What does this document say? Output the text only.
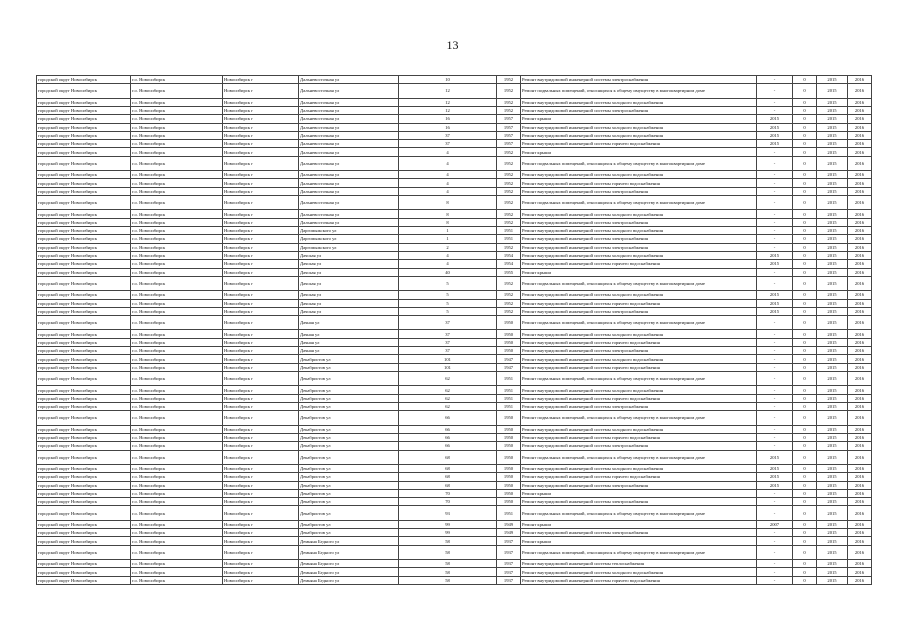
13
городской округ Новосибирск	г.о. Новосибирск	Новосибирск г	Дальневосточная ул	10	1952	Ремонт внутридомовой инженерной системы электроснабжения	-	0	2015	2016
городской округ Новосибирск	г.о. Новосибирск	Новосибирск г	Дальневосточная ул	12	1952	Ремонт подвальных помещений, относящихся к общему имуществу в многоквартирном доме	-	0	2015	2016
городской округ Новосибирск	г.о. Новосибирск	Новосибирск г	Дальневосточная ул	12	1952	Ремонт внутридомовой инженерной системы холодного водоснабжения	-	0	2015	2016
городской округ Новосибирск	г.о. Новосибирск	Новосибирск г	Дальневосточная ул	12	1952	Ремонт внутридомовой инженерной системы электроснабжения	-	0	2015	2016
городской округ Новосибирск	г.о. Новосибирск	Новосибирск г	Дальневосточная ул	16	1957	Ремонт крыши	2015	0	2015	2016
городской округ Новосибирск	г.о. Новосибирск	Новосибирск г	Дальневосточная ул	16	1957	Ремонт внутридомовой инженерной системы холодного водоснабжения	2015	0	2015	2016
городской округ Новосибирск	г.о. Новосибирск	Новосибирск г	Дальневосточная ул	37	1957	Ремонт внутридомовой инженерной системы холодного водоснабжения	2015	0	2015	2016
городской округ Новосибирск	г.о. Новосибирск	Новосибирск г	Дальневосточная ул	37	1957	Ремонт внутридомовой инженерной системы горячего водоснабжения	2015	0	2015	2016
городской округ Новосибирск	г.о. Новосибирск	Новосибирск г	Дальневосточная ул	4	1952	Ремонт крыши	-	0	2015	2016
городской округ Новосибирск	г.о. Новосибирск	Новосибирск г	Дальневосточная ул	4	1952	Ремонт подвальных помещений, относящихся к общему имуществу в многоквартирном доме	-	0	2015	2016
городской округ Новосибирск	г.о. Новосибирск	Новосибирск г	Дальневосточная ул	4	1952	Ремонт внутридомовой инженерной системы холодного водоснабжения	-	0	2015	2016
городской округ Новосибирск	г.о. Новосибирск	Новосибирск г	Дальневосточная ул	4	1952	Ремонт внутридомовой инженерной системы горячего водоснабжения	-	0	2015	2016
городской округ Новосибирск	г.о. Новосибирск	Новосибирск г	Дальневосточная ул	4	1952	Ремонт внутридомовой инженерной системы электроснабжения	-	0	2015	2016
городской округ Новосибирск	г.о. Новосибирск	Новосибирск г	Дальневосточная ул	8	1952	Ремонт подвальных помещений, относящихся к общему имуществу в многоквартирном доме	-	0	2015	2016
городской округ Новосибирск	г.о. Новосибирск	Новосибирск г	Дальневосточная ул	8	1952	Ремонт внутридомовой инженерной системы холодного водоснабжения	-	0	2015	2016
городской округ Новосибирск	г.о. Новосибирск	Новосибирск г	Дальневосточная ул	8	1952	Ремонт внутридомовой инженерной системы электроснабжения	-	0	2015	2016
городской округ Новосибирск	г.о. Новосибирск	Новосибирск г	Даргомыжского ул	1	1951	Ремонт внутридомовой инженерной системы холодного водоснабжения	-	0	2015	2016
городской округ Новосибирск	г.о. Новосибирск	Новосибирск г	Даргомыжского ул	1	1951	Ремонт внутридомовой инженерной системы электроснабжения	-	0	2015	2016
городской округ Новосибирск	г.о. Новосибирск	Новосибирск г	Даргомыжского ул	2	1952	Ремонт внутридомовой инженерной системы электроснабжения	-	0	2015	2016
городской округ Новосибирск	г.о. Новосибирск	Новосибирск г	Дачская ул	4	1954	Ремонт внутридомовой инженерной системы холодного водоснабжения	2015	0	2015	2016
городской округ Новосибирск	г.о. Новосибирск	Новосибирск г	Дачская ул	4	1954	Ремонт внутридомовой инженерной системы горячего водоснабжения	2015	0	2015	2016
городской округ Новосибирск	г.о. Новосибирск	Новосибирск г	Дачская ул	40	1955	Ремонт крыши	-	0	2015	2016
городской округ Новосибирск	г.о. Новосибирск	Новосибирск г	Дачская ул	5	1952	Ремонт подвальных помещений, относящихся к общему имуществу в многоквартирном доме	-	0	2015	2016
городской округ Новосибирск	г.о. Новосибирск	Новосибирск г	Дачская ул	5	1952	Ремонт внутридомовой инженерной системы холодного водоснабжения	2015	0	2015	2016
городской округ Новосибирск	г.о. Новосибирск	Новосибирск г	Дачская ул	5	1952	Ремонт внутридомовой инженерной системы горячего водоснабжения	2015	0	2015	2016
городской округ Новосибирск	г.о. Новосибирск	Новосибирск г	Дачская ул	5	1952	Ремонт внутридомовой инженерной системы электроснабжения	2015	0	2015	2016
городской округ Новосибирск	г.о. Новосибирск	Новосибирск г	Дачная ул	37	1950	Ремонт подвальных помещений, относящихся к общему имуществу в многоквартирном доме	-	0	2015	2016
городской округ Новосибирск	г.о. Новосибирск	Новосибирск г	Дачная ул	37	1950	Ремонт внутридомовой инженерной системы холодного водоснабжения	-	0	2015	2016
городской округ Новосибирск	г.о. Новосибирск	Новосибирск г	Дачная ул	37	1950	Ремонт внутридомовой инженерной системы горячего водоснабжения	-	0	2015	2016
городской округ Новосибирск	г.о. Новосибирск	Новосибирск г	Дачная ул	37	1950	Ремонт внутридомовой инженерной системы электроснабжения	-	0	2015	2016
городской округ Новосибирск	г.о. Новосибирск	Новосибирск г	Декабристов ул	101	1947	Ремонт внутридомовой инженерной системы холодного водоснабжения	-	0	2015	2016
городской округ Новосибирск	г.о. Новосибирск	Новосибирск г	Декабристов ул	101	1947	Ремонт внутридомовой инженерной системы горячего водоснабжения	-	0	2015	2016
городской округ Новосибирск	г.о. Новосибирск	Новосибирск г	Декабристов ул	62	1951	Ремонт подвальных помещений, относящихся к общему имуществу в многоквартирном доме	-	0	2015	2016
городской округ Новосибирск	г.о. Новосибирск	Новосибирск г	Декабристов ул	62	1951	Ремонт внутридомовой инженерной системы холодного водоснабжения	-	0	2015	2016
городской округ Новосибирск	г.о. Новосибирск	Новосибирск г	Декабристов ул	62	1951	Ремонт внутридомовой инженерной системы горячего водоснабжения	-	0	2015	2016
городской округ Новосибирск	г.о. Новосибирск	Новосибирск г	Декабристов ул	62	1951	Ремонт внутридомовой инженерной системы электроснабжения	-	0	2015	2016
городской округ Новосибирск	г.о. Новосибирск	Новосибирск г	Декабристов ул	66	1950	Ремонт подвальных помещений, относящихся к общему имуществу в многоквартирном доме	-	0	2015	2016
городской округ Новосибирск	г.о. Новосибирск	Новосибирск г	Декабристов ул	66	1950	Ремонт внутридомовой инженерной системы холодного водоснабжения	-	0	2015	2016
городской округ Новосибирск	г.о. Новосибирск	Новосибирск г	Декабристов ул	66	1950	Ремонт внутридомовой инженерной системы горячего водоснабжения	-	0	2015	2016
городской округ Новосибирск	г.о. Новосибирск	Новосибирск г	Декабристов ул	66	1950	Ремонт внутридомовой инженерной системы электроснабжения	-	0	2015	2016
городской округ Новосибирск	г.о. Новосибирск	Новосибирск г	Декабристов ул	68	1950	Ремонт подвальных помещений, относящихся к общему имуществу в многоквартирном доме	2015	0	2015	2016
городской округ Новосибирск	г.о. Новосибирск	Новосибирск г	Декабристов ул	68	1950	Ремонт внутридомовой инженерной системы холодного водоснабжения	2015	0	2015	2016
городской округ Новосибирск	г.о. Новосибирск	Новосибирск г	Декабристов ул	68	1950	Ремонт внутридомовой инженерной системы горячего водоснабжения	2015	0	2015	2016
городской округ Новосибирск	г.о. Новосибирск	Новосибирск г	Декабристов ул	68	1950	Ремонт внутридомовой инженерной системы электроснабжения	2015	0	2015	2016
городской округ Новосибирск	г.о. Новосибирск	Новосибирск г	Декабристов ул	70	1950	Ремонт крыши	-	0	2015	2016
городской округ Новосибирск	г.о. Новосибирск	Новосибирск г	Декабристов ул	70	1950	Ремонт внутридомовой инженерной системы электроснабжения	-	0	2015	2016
городской округ Новосибирск	г.о. Новосибирск	Новосибирск г	Декабристов ул	93	1951	Ремонт подвальных помещений, относящихся к общему имуществу в многоквартирном доме	-	0	2015	2016
городской округ Новосибирск	г.о. Новосибирск	Новосибирск г	Декабристов ул	99	1949	Ремонт крыши	2007	0	2015	2016
городской округ Новосибирск	г.о. Новосибирск	Новосибирск г	Декабристов ул	99	1949	Ремонт внутридомовой инженерной системы электроснабжения	-	0	2015	2016
городской округ Новосибирск	г.о. Новосибирск	Новосибирск г	Демьяна Бедного ул	58	1937	Ремонт крыши	-	0	2015	2016
городской округ Новосибирск	г.о. Новосибирск	Новосибирск г	Демьяна Бедного ул	58	1937	Ремонт подвальных помещений, относящихся к общему имуществу в многоквартирном доме	-	0	2015	2016
городской округ Новосибирск	г.о. Новосибирск	Новосибирск г	Демьяна Бедного ул	58	1937	Ремонт внутридомовой инженерной системы теплоснабжения	-	0	2015	2016
городской округ Новосибирск	г.о. Новосибирск	Новосибирск г	Демьяна Бедного ул	58	1937	Ремонт внутридомовой инженерной системы холодного водоснабжения	-	0	2015	2016
городской округ Новосибирск	г.о. Новосибирск	Новосибирск г	Демьяна Бедного ул	58	1937	Ремонт внутридомовой инженерной системы горячего водоснабжения	-	0	2015	2016
